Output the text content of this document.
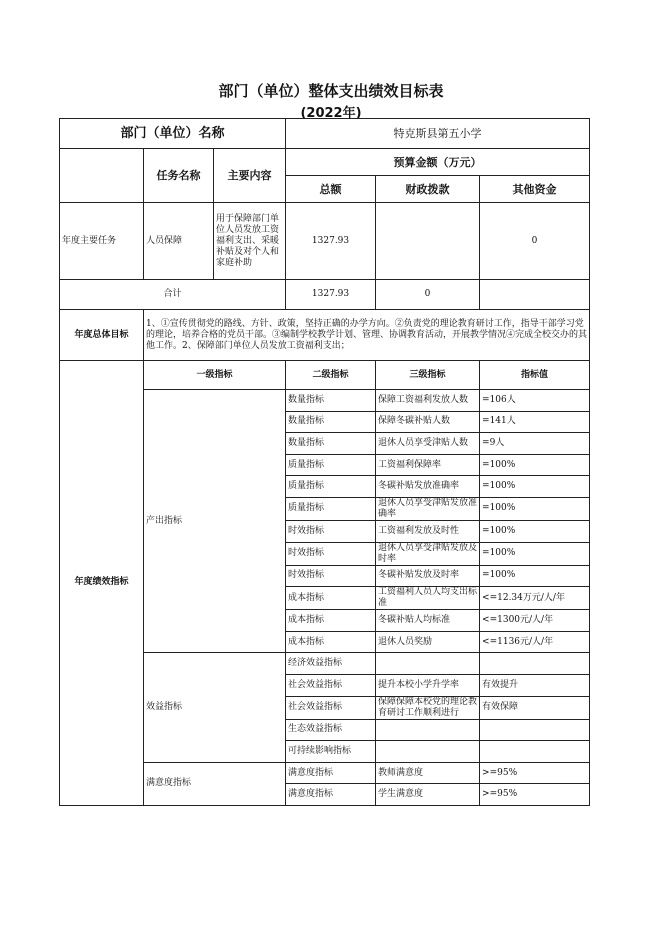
部门（单位）整体支出绩效目标表
(2022年)
部门（单位）名称			特克斯县第五小学		
	任务名称	主要内容	预算金额（万元）		
			总额	财政拨款	其他资金
年度主要任务	人员保障	用于保障部门单位人员发放工资福利支出、采暖补贴及对个人和家庭补助	1327.93		0
合计			1327.93	0	
年度总体目标	1、①宣传贯彻党的路线、方针、政策，坚持正确的办学方向。②负责党的理论教育研讨工作，指导干部学习党的理论，培养合格的党员干部。③编制学校教学计划、管理、协调教育活动，开展教学情况④完成全校交办的其他工作。2、保障部门单位人员发放工资福利支出；				
年度绩效指标	一级指标		二级指标	三级指标	指标值
	产出指标		数量指标	保障工资福利发放人数	=106人
			数量指标	保障冬碳补贴人数	=141人
			数量指标	退休人员享受津贴人数	=9人
			质量指标	工资福利保障率	=100%
			质量指标	冬碳补贴发放准确率	=100%
			质量指标	退休人员享受津贴发放准确率	=100%
			时效指标	工资福利发放及时性	=100%
			时效指标	退休人员享受津贴发放及时率	=100%
			时效指标	冬碳补贴发放及时率	=100%
			成本指标	工资福利人员人均支出标准	<=12.34万元/人/年
			成本指标	冬碳补贴人均标准	<=1300元/人/年
			成本指标	退休人员奖励	<=1136元/人/年
	效益指标		经济效益指标		
			社会效益指标	提升本校小学升学率	有效提升
			社会效益指标	保障保障本校党的理论教育研讨工作顺利进行	有效保障
			生态效益指标		
			可持续影响指标		
	满意度指标		满意度指标	教师满意度	>=95%
			满意度指标	学生满意度	>=95%
